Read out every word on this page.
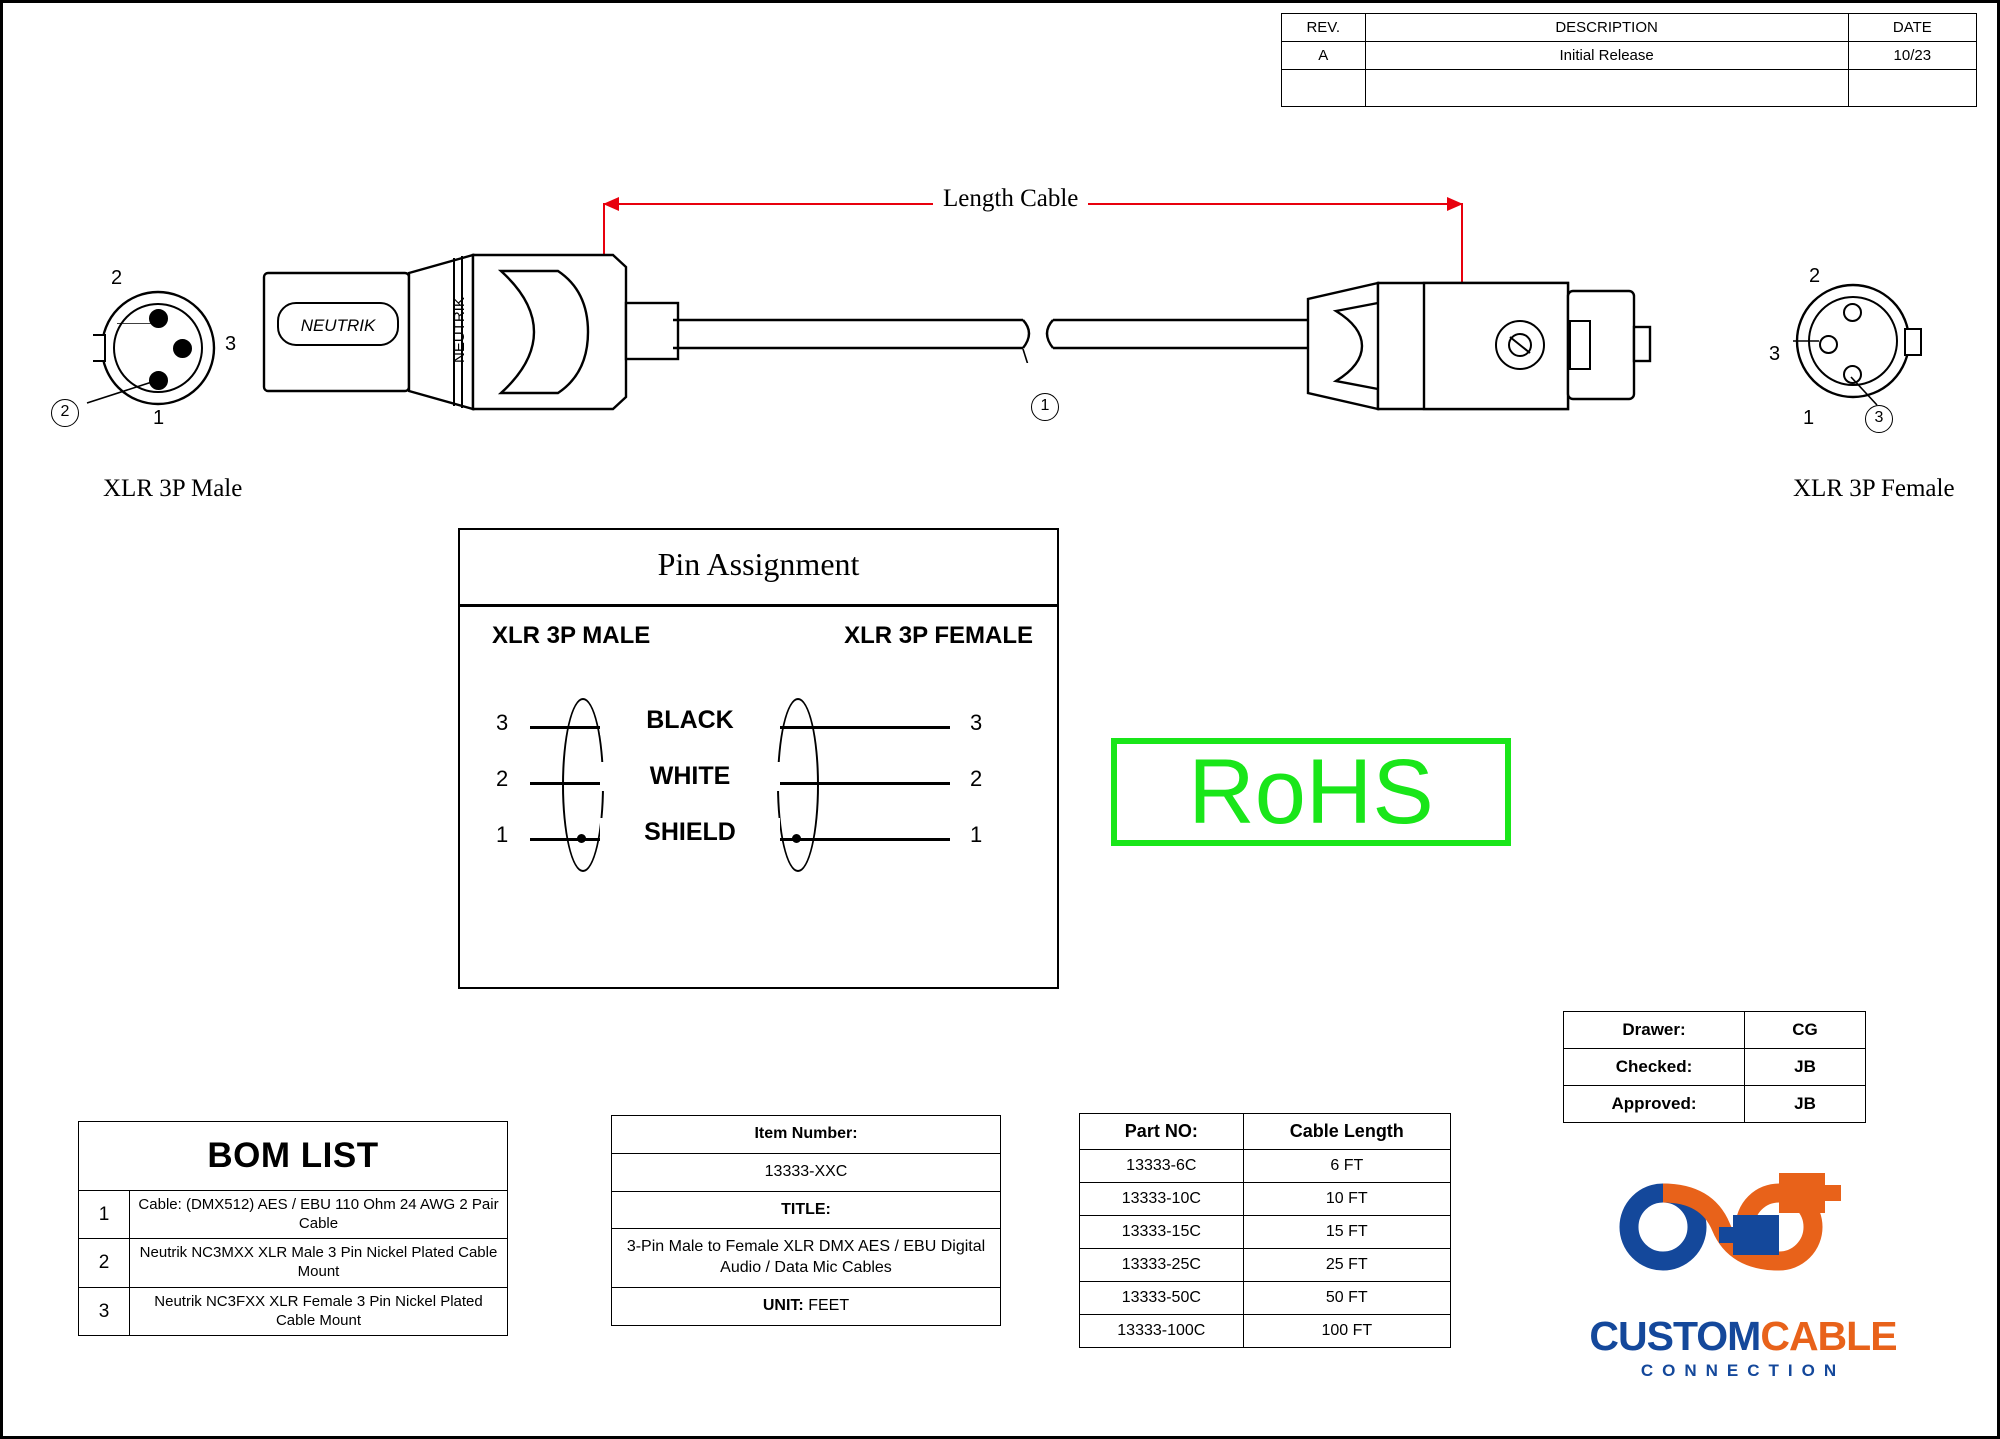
REV.	DESCRIPTION	DATE
A	Initial Release	10/23

Length Cable
2
3
1
2
NEUTRIK	NEUTRIK
1
2
3
1	3
XLR 3P Male	XLR 3P Female
Pin Assignment
XLR 3P MALE	XLR 3P FEMALE
BLACK
WHITE
SHIELD
3
2
1
3
2
1	RoHS
Drawer:	CG
Checked:	JB
Approved:	JB
BOM LIST	
1	Cable: (DMX512) AES / EBU 110 Ohm 24 AWG 2 Pair Cable
2	Neutrik NC3MXX XLR Male 3 Pin Nickel Plated Cable Mount
3	Neutrik NC3FXX XLR Female 3 Pin Nickel Plated Cable Mount
Item Number:
13333-XXC
TITLE:
3-Pin Male to Female XLR DMX AES / EBU Digital Audio / Data Mic Cables
UNIT: FEET
Part NO:	Cable Length
13333-6C	6 FT
13333-10C	10 FT
13333-15C	15 FT
13333-25C	25 FT
13333-50C	50 FT
13333-100C	100 FT	CUSTOMCABLE
CONNECTION
